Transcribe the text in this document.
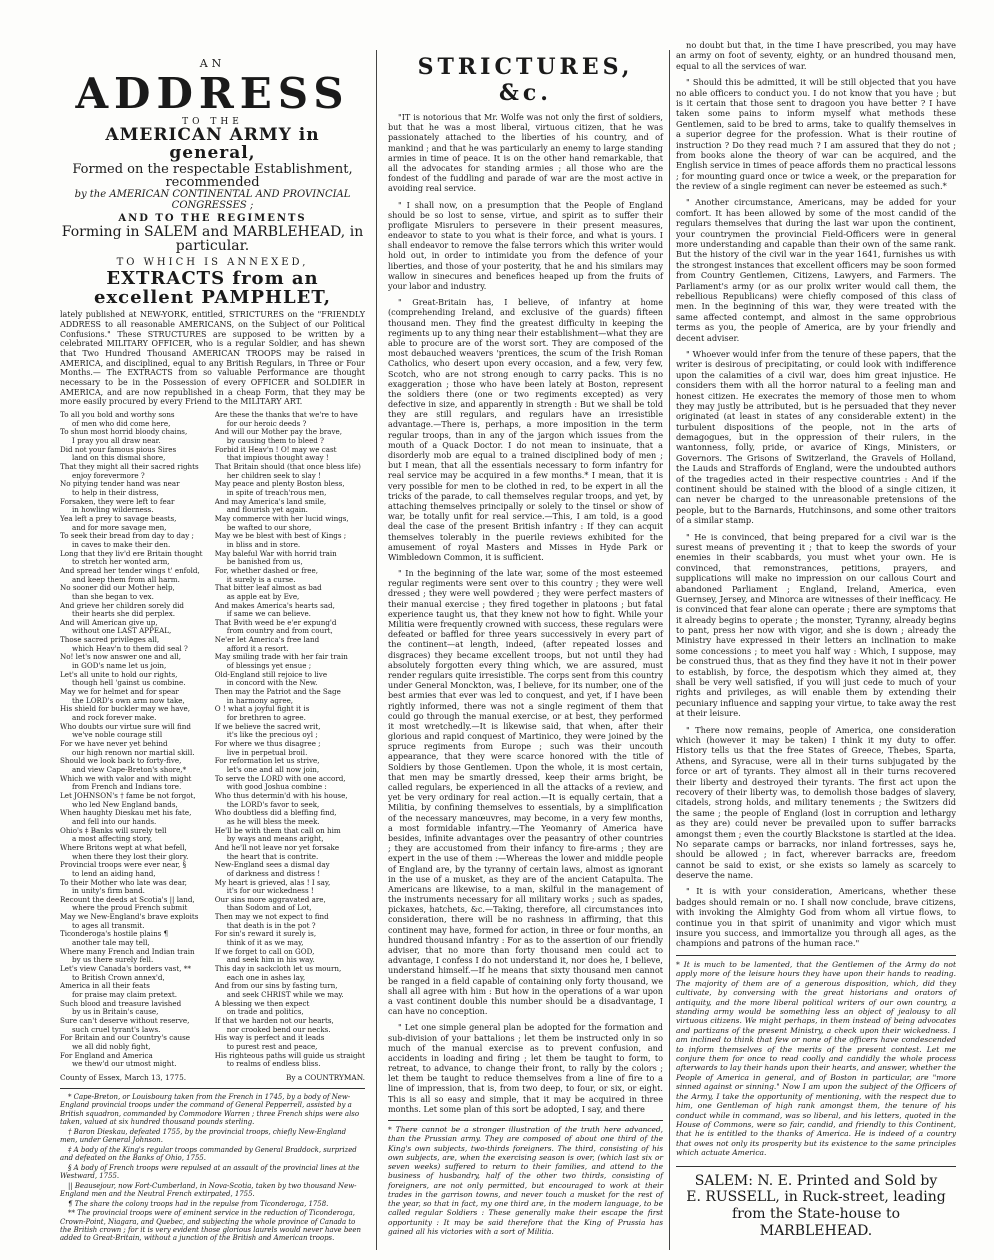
AN
ADDRESS
TO THE
AMERICAN ARMY in general,
Formed on the respectable Establishment, recommended
by the AMERICAN CONTINENTAL AND PROVINCIAL CONGRESSES ;
AND TO THE REGIMENTS
Forming in SALEM and MARBLEHEAD, in particular.
TO WHICH IS ANNEXED,
EXTRACTS from an excellent PAMPHLET,
lately published at NEW-YORK, entitled, STRICTURES on the "FRIENDLY ADDRESS to all reasonable AMERICANS, on the Subject of our Political Confusions." These STRUCTURES are supposed to be written by a celebrated MILITARY OFFICER, who is a regular Soldier, and has shewn that Two Hundred Thousand AMERICAN TROOPS may be raised in AMERICA, and disciplined, equal to any British Regulars, in Three or Four Months.— The EXTRACTS from so valuable Performance are thought necessary to be in the Possession of every OFFICER and SOLDIER in AMERICA, and are now republished in a cheap Form, that they may be more easily procured by every Friend to the MILITARY ART.
To all you bold and worthy sons
of men who did come here,
To shun most horrid bloody chains,
I pray you all draw near.
Did not your famous pious Sires
land on this dismal shore,
That they might all their sacred rights
enjoy forevermore ?
No pitying tender hand was near
to help in their distress,
Forsaken, they were left to fear
in howling wilderness.
Yea left a prey to savage beasts,
and for more savage men,
To seek their bread from day to day ;
in caves to make their den.
Long that they liv'd ere Britain thought
to stretch her wonted arm,
And spread her tender wings t' enfold,
and keep them from all harm.
No sooner did our Mother help,
than she began to vex.
And grieve her children sorely did
their hearts she did perplex.
And will American give up,
without one LAST APPEAL,
Those sacred privileges all,
which Heav'n to them did seal ?
No! let's now answer one and all,
in GOD's name let us join,
Let's all unite to hold our rights,
though hell 'gainst us combine.
May we for helmet and for spear
the LORD's own arm now take,
His shield for buckler may we have,
and rock forever make.
Who doubts our virtue sure will find
we've noble courage still
For we have never yet behind
our high renown nor martial skill.
Should we look back to forty-five,
and view Cape-Breton's shore,*
Which we with valor and with might
from French and Indians tore.
Let JOHNSON's † fame be not forgot,
who led New England bands,
When haughty Dieskau met his fate,
and fell into our hands.
Ohio's ‡ Banks will surely tell
a most affecting story,
Where Britons wept at what befell,
when there they lost their glory.
Provincial troops were ever near, §
to lend an aiding hand,
To their Mother who late was dear,
in unity's firm band.
Recount the deeds at Scotia's || land,
where the proud French submit
May we New-England's brave exploits
to ages all transmit.
Ticonderoga's hostile plains ¶
another tale may tell,
Where many French and Indian train
by us there surely fell.
Let's view Canada's borders vast, **
to British Crown annex'd,
America in all their feats
for praise may claim pretext.
Such blood and treasure lavished
by us in Britain's cause,
Sure can't deserve without reserve,
such cruel tyrant's laws.
For Britain and our Country's cause
we all did nobly fight,
For England and America
we thew'd our utmost might.
Are these the thanks that we're to have
for our heroic deeds ?
And will our Mother pay the brave,
by causing them to bleed ?
Forbid it Heav'n ! O! may we cast
that impious thought away !
That Britain should (that once bless life)
her children seek to slay !
May peace and plenty Boston bless,
in spite of treach'rous men,
And may America's land smile,
and flourish yet again.
May commerce with her lucid wings,
be wafted to our shore,
May we be blest with best of Kings ;
in bliss and in store.
May baleful War with horrid train
be banished from us,
For, whether dashed or free,
it surely is a curse.
That bitter leaf almost as bad
as apple eat by Eve,
And makes America's hearts sad,
if same we can believe.
That Bvith weed be e'er expung'd
from country and from court,
Ne'er let America's free land
afford it a resort.
May smiling trade with her fair train
of blessings yet ensue ;
Old-England still rejoice to live
in concord with the New.
Then may the Patriot and the Sage
in harmony agree,
O ! what a joyful fight it is
for brethren to agree.
If we believe the sacred writ,
it's like the precious oyl ;
For where we thus disagree ;
live in perpetual broil.
For reformation let us strive,
let's one and all now join,
To serve the LORD with one accord,
with good Joshua combine :
Who thus determin'd with his house,
the LORD's favor to seek,
Who doubtless did a bleffing find,
as he will bless the meek.
He'll be with them that call on him
by ways and means aright,
And he'll not leave nor yet forsake
the heart that is contrite.
New-England sees a dismal day
of darkness and distress !
My heart is grieved, alas ! I say,
it's for our wickedness !
Our sins more aggravated are,
than Sodom and of Lot,
Then may we not expect to find
that death is in the pot ?
For sin's reward it surely is,
think of it as we may,
If we forget to call on GOD,
and seek him in his way.
This day in sackcloth let us mourn,
each one in ashes lay,
And from our sins by fasting turn,
and seek CHRIST while we may.
A blessing we then expect
on trade and politics,
If that we harden not our hearts,
nor crooked bend our necks.
His way is perfect and it leads
to purest rest and peace,
His righteous paths will guide us straight
to realms of endless bliss.
County of Essex, March 13, 1775.	By a COUNTRYMAN.

* Cape-Breton, or Louisbourg taken from the French in 1745, by a body of New-England provincial troops under the command of General Pepperrell, assisted by a British squadron, commanded by Commodore Warren ; three French ships were also taken, valued at six hundred thousand pounds sterling.

† Baron Dieskau, defeated 1755, by the provincial troops, chiefly New-England men, under General Johnson.

‡ A body of the King's regular troops commanded by General Braddock, surprized and defeated on the Banks of Ohio, 1755.

§ A body of French troops were repulsed at an assault of the provincial lines at the Westward, 1755.

|| Beausejour, now Fort-Cumberland, in Nova-Scotia, taken by two thousand New-England men and the Neutral French extirpated, 1755.

¶ The share the colony troops had in the repulse from Ticonderoga, 1758.

** The provincial troops were of eminent service in the reduction of Ticonderoga, Crown-Point, Niagara, and Quebec, and subjecting the whole province of Canada to the British crown ; for it is very evident those glorious laurels would never have been added to Great-Britain, without a junction of the British and American troops.

STRICTURES, &c.
"IT is notorious that Mr. Wolfe was not only the first of soldiers, but that he was a most liberal, virtuous citizen, that he was passionately attached to the liberties of his country, and of mankind ; and that he was particularly an enemy to large standing armies in time of peace. It is on the other hand remarkable, that all the advocates for standing armies ; all those who are the fondest of the fuddling and parade of war are the most active in avoiding real service.
" I shall now, on a presumption that the People of England should be so lost to sense, virtue, and spirit as to suffer their profligate Misrulers to persevere in their present measures, endeavor to state to you what is their force, and what is yours. I shall endeavor to remove the false terrors which this writer would hold out, in order to intimidate you from the defence of your liberties, and those of your posterity, that he and his similars may wallow in sinecures and benefices heaped up from the fruits of your labor and industry.
" Great-Britain has, I believe, of infantry at home (comprehending Ireland, and exclusive of the guards) fifteen thousand men. They find the greatest difficulty in keeping the regiments up to any thing near their establishment—what they are able to procure are of the worst sort. They are composed of the most debauched weavers 'prentices, the scum of the Irish Roman Catholics, who desert upon every occasion, and a few, very few, Scotch, who are not strong enough to carry packs. This is no exaggeration ; those who have been lately at Boston, represent the soldiers there (one or two regiments excepted) as very defective in size, and apparently in strength : But we shall be told they are still regulars, and regulars have an irresistible advantage.—There is, perhaps, a more imposition in the term regular troops, than in any of the jargon which issues from the mouth of a Quack Doctor. I do not mean to insinuate, that a disorderly mob are equal to a trained disciplined body of men ; but I mean, that all the essentials necessary to form infantry for real service may be acquired in a few months.* I mean, that it is very possible for men to be clothed in red, to be expert in all the tricks of the parade, to call themselves regular troops, and yet, by attaching themselves principally or solely to the tinsel or show of war, be totally unfit for real service.—This, I am told, is a good deal the case of the present British infantry : If they can acquit themselves tolerably in the puerile reviews exhibited for the amusement of royal Masters and Misses in Hyde Park or Wimbledown Common, it is sufficient.
" In the beginning of the late war, some of the most esteemed regular regiments were sent over to this country ; they were well dressed ; they were well powdered ; they were perfect masters of their manual exercise ; they fired together in platoons ; but fatal experience taught us, that they knew not how to fight. While your Militia were frequently crowned with success, these regulars were defeated or baffled for three years successively in every part of the continent—at length, indeed, (after repeated losses and disgraces) they became excellent troops, but not until they had absolutely forgotten every thing which, we are assured, must render regulars quite irresistible. The corps sent from this country under General Monckton, was, I believe, for its number, one of the best armies that ever was led to conquest, and yet, if I have been rightly informed, there was not a single regiment of them that could go through the manual exercise, or at best, they performed it most wretchedly.—It is likewise said, that when, after their glorious and rapid conquest of Martinico, they were joined by the spruce regiments from Europe ; such was their uncouth appearance, that they were scarce honored with the title of Soldiers by those Gentlemen. Upon the whole, it is most certain, that men may be smartly dressed, keep their arms bright, be called regulars, be experienced in all the attacks of a review, and yet be very ordinary for real action.—It is equally certain, that a Militia, by confining themselves to essentials, by a simplification of the necessary manœuvres, may become, in a very few months, a most formidable infantry.—The Yeomanry of America have besides, infinite advantages over the peasantry of other countries ; they are accustomed from their infancy to fire-arms ; they are expert in the use of them :—Whereas the lower and middle people of England are, by the tyranny of certain laws, almost as ignorant in the use of a musket, as they are of the ancient Catapulta. The Americans are likewise, to a man, skilful in the management of the instruments necessary for all military works ; such as spades, pickaxes, hatchets, &c.—Taking, therefore, all circumstances into consideration, there will be no rashness in affirming, that this continent may have, formed for action, in three or four months, an hundred thousand infantry : For as to the assertion of our friendly adviser, that no more than forty thousand men could act to advantage, I confess I do not understand it, nor does he, I believe, understand himself.—If he means that sixty thousand men cannot be ranged in a field capable of containing only forty thousand, we shall all agree with him : But how in the operations of a war upon a vast continent double this number should be a disadvantage, I can have no conception.
" Let one simple general plan be adopted for the formation and sub-division of your battalions ; let them be instructed only in so much of the manual exercise as to prevent confusion, and accidents in loading and firing ; let them be taught to form, to retreat, to advance, to change their front, to rally by the colors ; let them be taught to reduce themselves from a line of fire to a line of impression, that is, from two deep, to four, or six, or eight. This is all so easy and simple, that it may be acquired in three months. Let some plan of this sort be adopted, I say, and there
* There cannot be a stronger illustration of the truth here advanced, than the Prussian army. They are composed of about one third of the King's own subjects, two-thirds foreigners. The third, consisting of his own subjects, are, when the exercising season is over, (which last six or seven weeks) suffered to return to their families, and attend to the business of husbandry, half of the other two thirds, consisting of foreigners, are not only permitted, but encouraged to work at their trades in the garrison towns, and never touch a musket for the rest of the year, so that in fact, my one third are, in the modern language, to be called regular Soldiers : These generally make their escape the first opportunity : It may be said therefore that the King of Prussia has gained all his victories with a sort of Militia.
no doubt but that, in the time I have prescribed, you may have an army on foot of seventy, eighty, or an hundred thousand men, equal to all the services of war.
" Should this be admitted, it will be still objected that you have no able officers to conduct you. I do not know that you have ; but is it certain that those sent to dragoon you have better ? I have taken some pains to inform myself what methods these Gentlemen, said to be bred to arms, take to qualify themselves in a superior degree for the profession. What is their routine of instruction ? Do they read much ? I am assured that they do not ; from books alone the theory of war can be acquired, and the English service in times of peace affords them no practical lessons ; for mounting guard once or twice a week, or the preparation for the review of a single regiment can never be esteemed as such.*
" Another circumstance, Americans, may be added for your comfort. It has been allowed by some of the most candid of the regulars themselves that during the last war upon the continent, your countrymen the provincial Field-Officers were in general more understanding and capable than their own of the same rank. But the history of the civil war in the year 1641, furnishes us with the strongest instances that excellent officers may be soon formed from Country Gentlemen, Citizens, Lawyers, and Farmers. The Parliament's army (or as our prolix writer would call them, the rebellious Republicans) were chiefly composed of this class of men. In the beginning of this war, they were treated with the same affected contempt, and almost in the same opprobrious terms as you, the people of America, are by your friendly and decent adviser.
" Whoever would infer from the tenure of these papers, that the writer is desirous of precipitating, or could look with indifference upon the calamities of a civil war, does him great injustice. He considers them with all the horror natural to a feeling man and honest citizen. He execrates the memory of those men to whom they may justly be attributed, but is he persuaded that they never originated (at least in states of any considerable extent) in the turbulent dispositions of the people, not in the arts of demagogues, but in the oppression of their rulers, in the wantonness, folly, pride, or avarice of Kings, Ministers, or Governors. The Grisons of Switzerland, the Gravels of Holland, the Lauds and Straffords of England, were the undoubted authors of the tragedies acted in their respective countries : And if the continent should be stained with the blood of a single citizen, it can never be charged to the unreasonable pretensions of the people, but to the Barnards, Hutchinsons, and some other traitors of a similar stamp.
" He is convinced, that being prepared for a civil war is the surest means of preventing it ; that to keep the swords of your enemies in their scabbards, you must whet your own. He is convinced, that remonstrances, petitions, prayers, and supplications will make no impression on our callous Court and abandoned Parliament ; England, Ireland, America, even Guernsey, Jersey, and Minorca are witnesses of their inefficacy. He is convinced that fear alone can operate ; there are symptoms that it already begins to operate ; the monster, Tyranny, already begins to pant, press her now with vigor, and she is down ; already the Ministry have expressed in their letters an inclination to make some concessions ; to meet you half way : Which, I suppose, may be construed thus, that as they find they have it not in their power to establish, by force, the despotism which they aimed at, they shall be very well satisfied, if you will just cede to much of your rights and privileges, as will enable them by extending their pecuniary influence and sapping your virtue, to take away the rest at their leisure.
" There now remains, people of America, one consideration which (however it may be taken) I think it my duty to offer. History tells us that the free States of Greece, Thebes, Sparta, Athens, and Syracuse, were all in their turns subjugated by the force or art of tyrants. They almost all in their turns recovered their liberty and destroyed their tyrants. The first act upon the recovery of their liberty was, to demolish those badges of slavery, citadels, strong holds, and military tenements ; the Switzers did the same ; the people of England (lost in corruption and lethargy as they are) could never be prevailed upon to suffer barracks amongst them ; even the courtly Blackstone is startled at the idea. No separate camps or barracks, nor inland fortresses, says he, should be allowed ; in fact, wherever barracks are, freedom cannot be said to exist, or she exists so lamely as scarcely to deserve the name.
" It is with your consideration, Americans, whether these badges should remain or no. I shall now conclude, brave citizens, with invoking the Almighty God from whom all virtue flows, to continue you in that spirit of unanimity and vigor which must insure you success, and immortalize you through all ages, as the champions and patrons of the human race."
* It is much to be lamented, that the Gentlemen of the Army do not apply more of the leisure hours they have upon their hands to reading. The majority of them are of a generous disposition, which, did they cultivate, by conversing with the great historians and orators of antiquity, and the more liberal political writers of our own country, a standing army would be something less an object of jealousy to all virtuous citizens. We might perhaps, in them instead of being advocates and partizans of the present Ministry, a check upon their wickedness. I am inclined to think that few or none of the officers have condescended to inform themselves of the merits of the present contest. Let me conjure them for once to read coolly and candidly the whole process afterwards to lay their hands upon their hearts, and answer, whether the People of America in general, and of Boston in particular, are "more sinned against or sinning." Now I am upon the subject of the Officers of the Army, I take the opportunity of mentioning, with the respect due to him, one Gentleman of high rank amongst them, the tenure of his conduct while in command, was so liberal, and his letters, quoted in the House of Commons, were so fair, candid, and friendly to this Continent, that he is entitled to the thanks of America. He is indeed of a country that owes not only its prosperity but its existence to the same principles which actuate America.
SALEM: N. E. Printed and Sold by
E. RUSSELL, in Ruck-street, leading
from the State-house to MARBLEHEAD.
